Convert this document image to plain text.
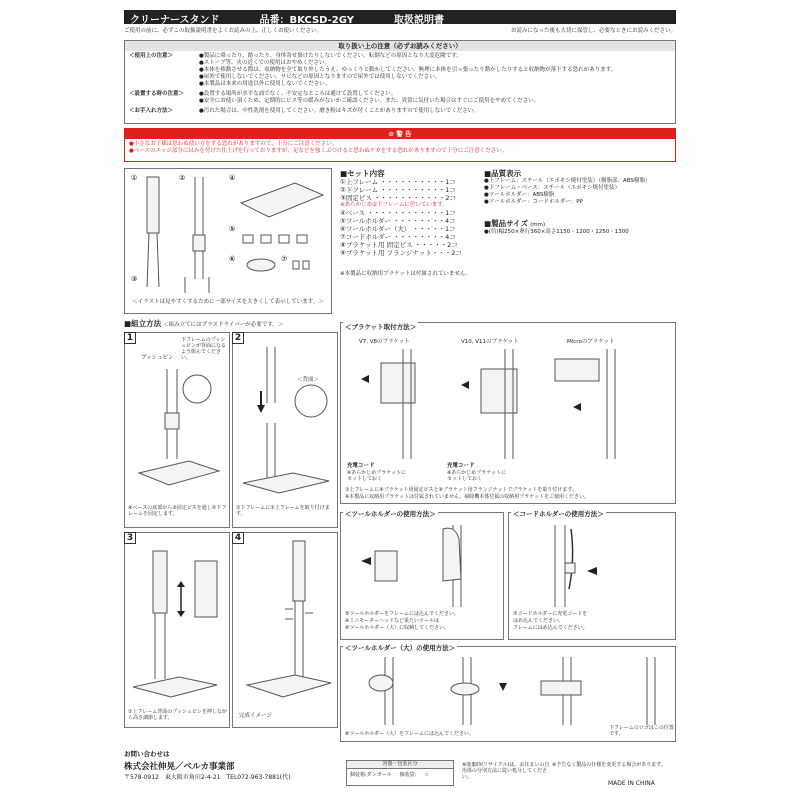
クリーナースタンド	品番：BKCSD-2GY	取扱説明書
ご使用の前に、必ずこの取扱説明書をよくお読みの上、正しくお使いください。	お読みになった後も大切に保管し、必要なときにお読みください。
取り扱い上の注意（必ずお読みください）
＜使用上の注意＞	●製品に乗ったり、踏ったり、身体寄せ掛けたりしないでください。転倒などの原因となり大変危険です。
●ストーブ等、火の近くでの使用はおやめください。
●本体を移動させる際は、収納物を全て取り外したうえ、ゆっくりと動かしてください。無理に本体を引っ張ったり動かしたりすると収納物が落下する恐れがあります。
●屋外で使用しないでください。サビなどの原因となりますので屋外では使用しないでください。
●本製品は本来の用途以外に使用しないでください。
＜設置する時の注意＞	●設置する場所が水平な面でなく、不安定なところは避けて設置してください。
●安全にお使い頂くため、定期的にビス等の緩みがないかご確認ください。また、異常に気付いた場合はすぐにご使用をやめてください。
＜お手入れ方法＞	●汚れた場合は、中性洗剤を使用してください。磨き粉はキズが付くことがありますので使用しないでください。
⊘ 警 告
●小さなお子様は思わぬ使い方をする恐れがありますので、十分にご注意ください。
●ベースのエッジ部分にはみを付けた仕上げを行っておりますが、足などを強くぶつけると思わぬケガをする恐れがありますので十分にご注意ください。
①	②	④
⑤
⑥	⑦
③
＜イラストは見やすくするために一部サイズを大きくして表示しています。＞
■セット内容
①上フレーム ・・・・・・・・・・1コ
②下フレーム ・・・・・・・・・・1コ
③固定ビス ・・・・・・・・・・・2コ
※あらかじめ②下フレームに付いています。
④ベース ・・・・・・・・・・・・1コ
⑤ツールホルダー ・・・・・・・・4コ
⑥ツールホルダー（大） ・・・・・1コ
⑦コードホルダー ・・・・・・・・4コ
⑧ブラケット用 固定ビス ・・・・・2コ
⑨ブラケット用 フランジナット・・・2コ
※本製品に収納用ブラケットは付属されていません。
■品質表示
●上フレーム：スチール（エポキシ焼付塗装）（樹脂部：ABS樹脂）
●下フレーム・ベース：スチール（エポキシ焼付塗装）
●ツールホルダー：ABS樹脂
●ツールホルダー：コードホルダー：PP
■製品サイズ (mm)
●(約)幅250×奥行360×高さ1150・1200・1250・1300
■組立方法 ＜組み立てにはプラスドライバーが必要です。＞
1
プッシュピン
下フレームのプッシュピンが背面になるよう組んでください。
④ベースの底部から③固定ビスを通し②下フレームを固定します。
2
＜背面＞
①下フレームに①上フレームを取り付けます。
3
①上フレーム背面のプッシュピンを押しながら高さ調節します。
4
完成イメージ
＜ブラケット取付方法＞
V7, V8のブラケット	V10, V11のブラケット	Microのブラケット
充電コード
※あらかじめブラケットにセットしておく
充電コード
※あらかじめブラケットにセットしておく
①上フレームに⑧ブラケット用固定ビスと⑨ブラケット用フランジナットでブラケットを取り付けます。
※本製品に収納用ブラケットは付属されていません。掃除機本体付属の収納用ブラケットをご使用ください。
＜ツールホルダーの使用方法＞
⑤ツールホルダーをフレームには込んでください。
※ミニモーターヘッドなど重たいツールは
⑥ツールホルダー（大）に収納してください。
＜コードホルダーの使用方法＞
⑦コードホルダーに充電コードを
はめ込んでください。
フレームにはめ込んでください。
＜ツールホルダー（大）の使用方法＞
⑥ツールホルダー（大）をフレームには込んでください。
下フレームのロゴはこの位置です。
お問い合わせは
株式会社伸晃／ベルカ事業部
〒578-0912　東大阪市角田2-4-21　TEL072-963-7881(代)
容器・包装区分
個装箱:ダンボール 個装袋: ♲
※廃棄時(リサイクル)は、お住まいの自治体の分別方法に従い処分してください。
※予告なく製品の仕様を変更する場合があります。
MADE IN CHINA
